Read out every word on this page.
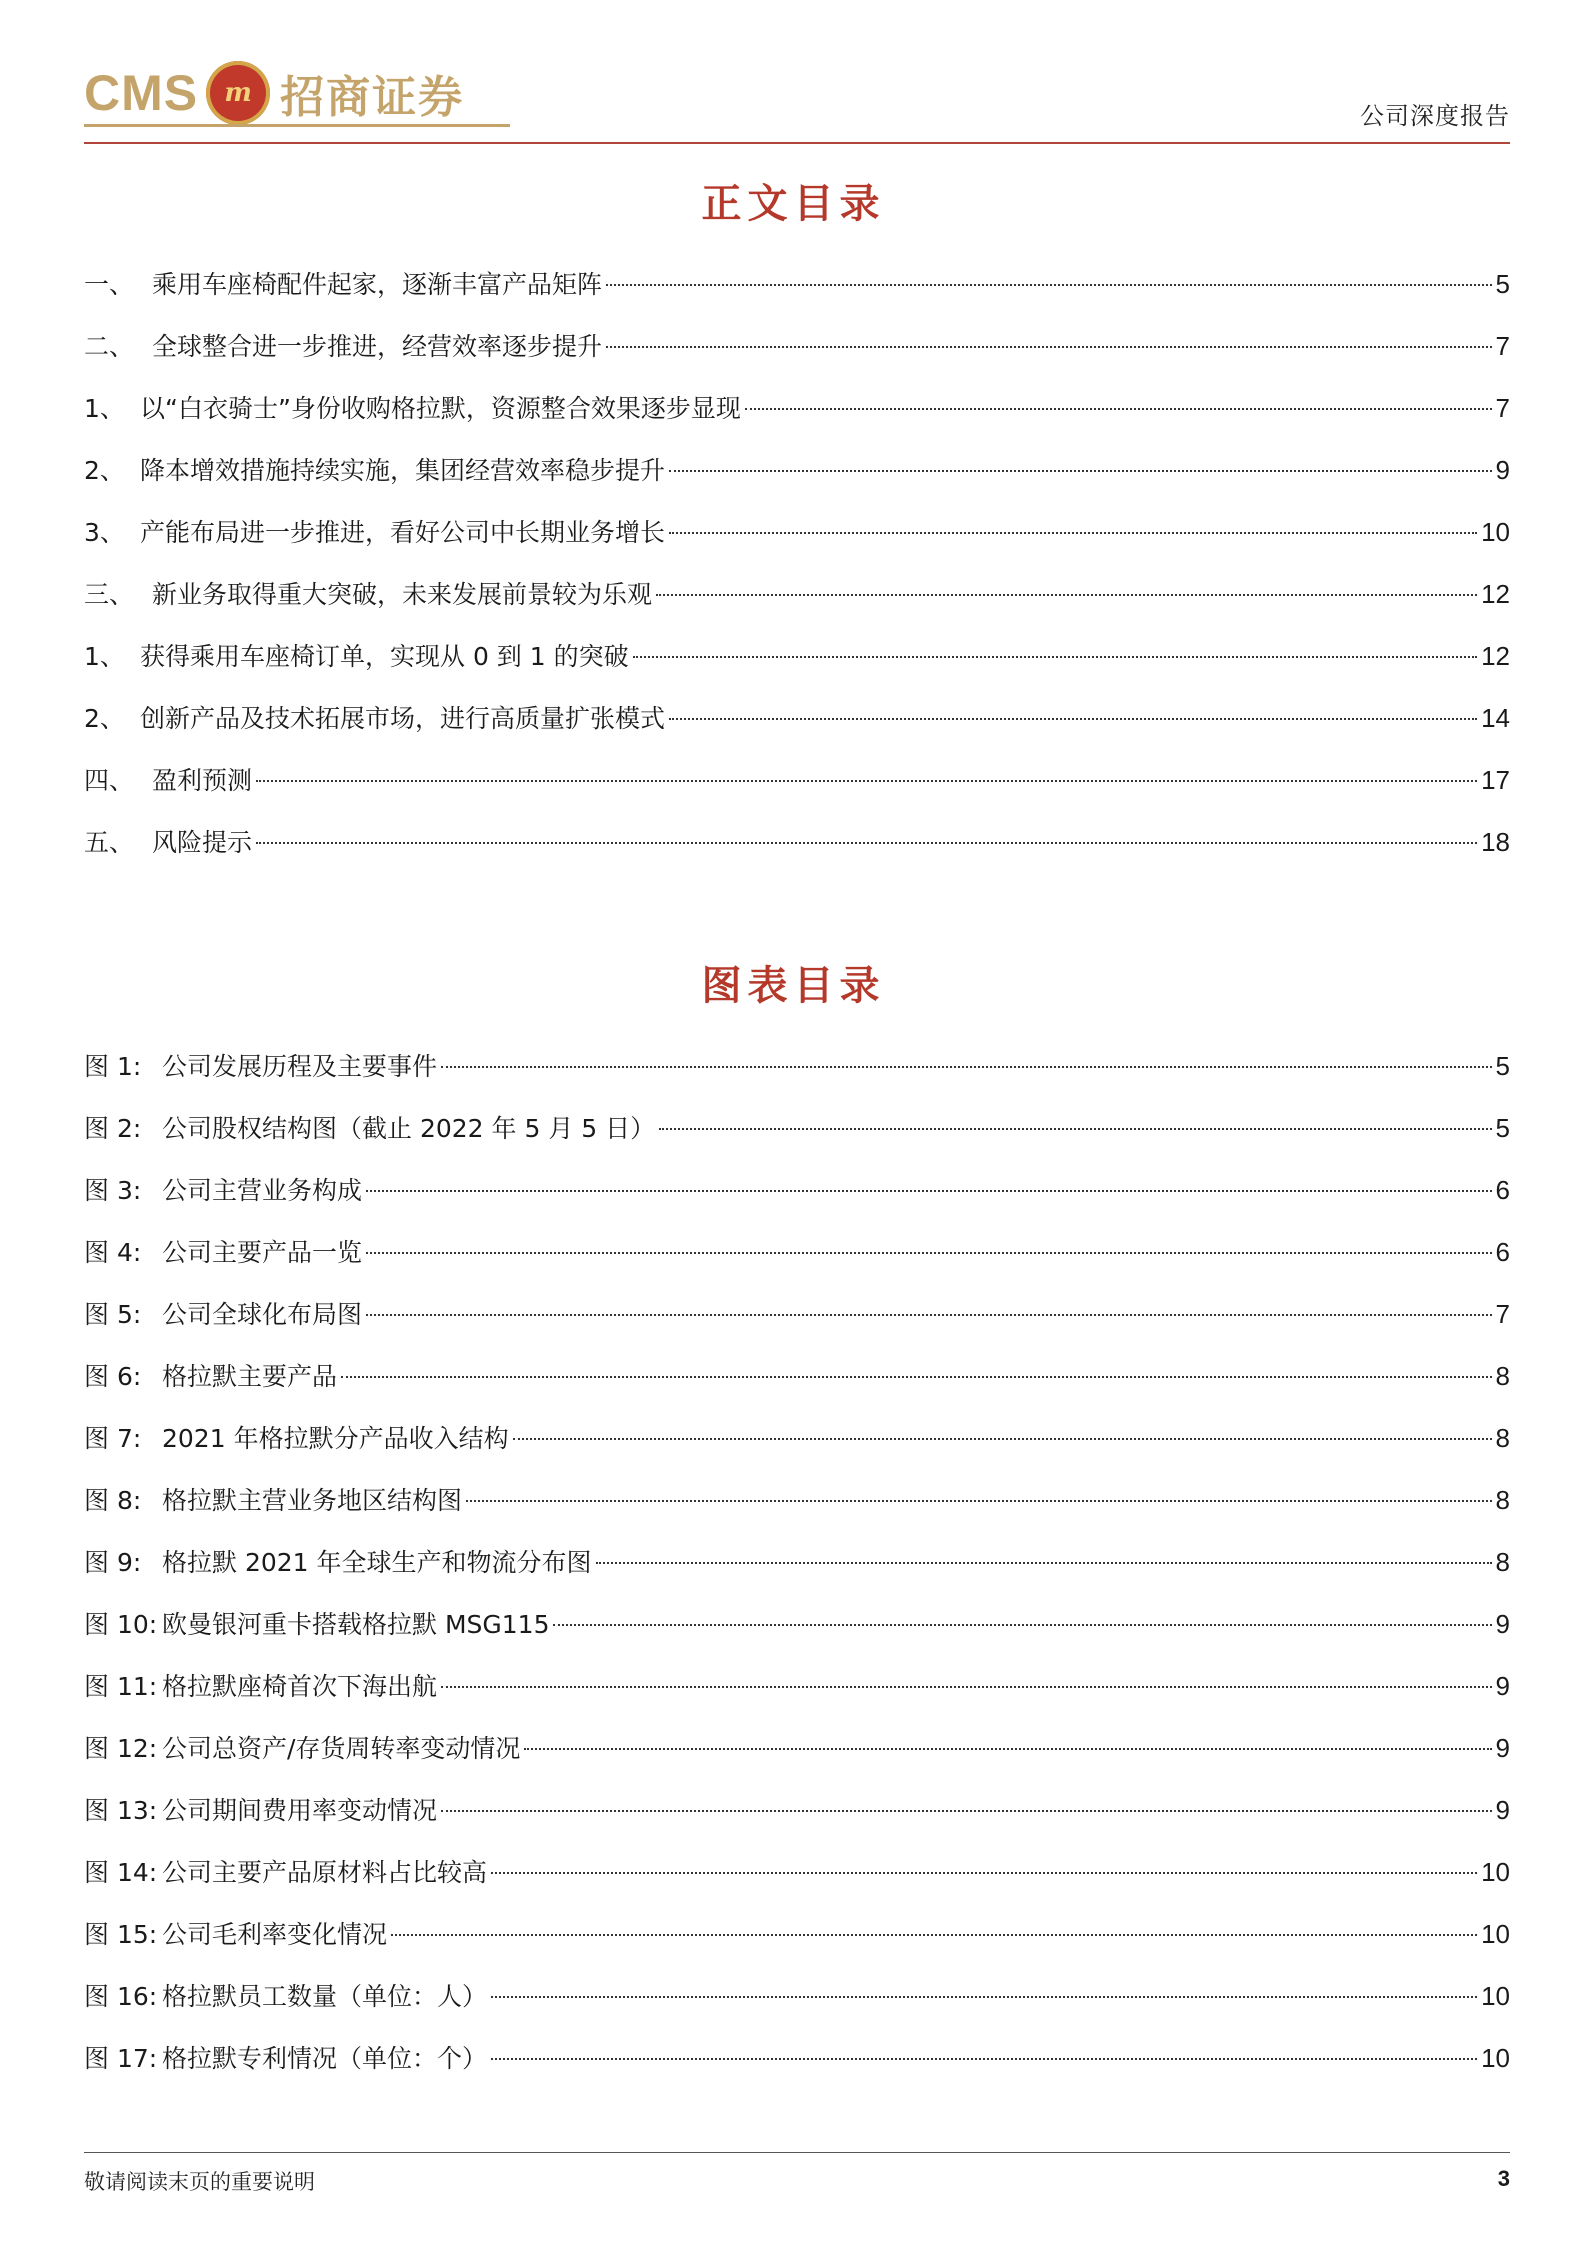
CMS	m 招商证券	公司深度报告
正文目录
一、 乘用车座椅配件起家，逐渐丰富产品矩阵	5
二、 全球整合进一步推进，经营效率逐步提升	7
1、 以“白衣骑士”身份收购格拉默，资源整合效果逐步显现	7
2、 降本增效措施持续实施，集团经营效率稳步提升	9
3、 产能布局进一步推进，看好公司中长期业务增长	10
三、 新业务取得重大突破，未来发展前景较为乐观	12
1、 获得乘用车座椅订单，实现从 0 到 1 的突破	12
2、 创新产品及技术拓展市场，进行高质量扩张模式	14
四、 盈利预测	17
五、 风险提示	18
图表目录
图 1: 公司发展历程及主要事件	5
图 2: 公司股权结构图（截止 2022 年 5 月 5 日）	5
图 3: 公司主营业务构成	6
图 4: 公司主要产品一览	6
图 5: 公司全球化布局图	7
图 6: 格拉默主要产品	8
图 7: 2021 年格拉默分产品收入结构	8
图 8: 格拉默主营业务地区结构图	8
图 9: 格拉默 2021 年全球生产和物流分布图	8
图 10: 欧曼银河重卡搭载格拉默 MSG115	9
图 11: 格拉默座椅首次下海出航	9
图 12: 公司总资产/存货周转率变动情况	9
图 13: 公司期间费用率变动情况	9
图 14: 公司主要产品原材料占比较高	10
图 15: 公司毛利率变化情况	10
图 16: 格拉默员工数量（单位：人）	10
图 17: 格拉默专利情况（单位：个）	10
敬请阅读末页的重要说明	3
